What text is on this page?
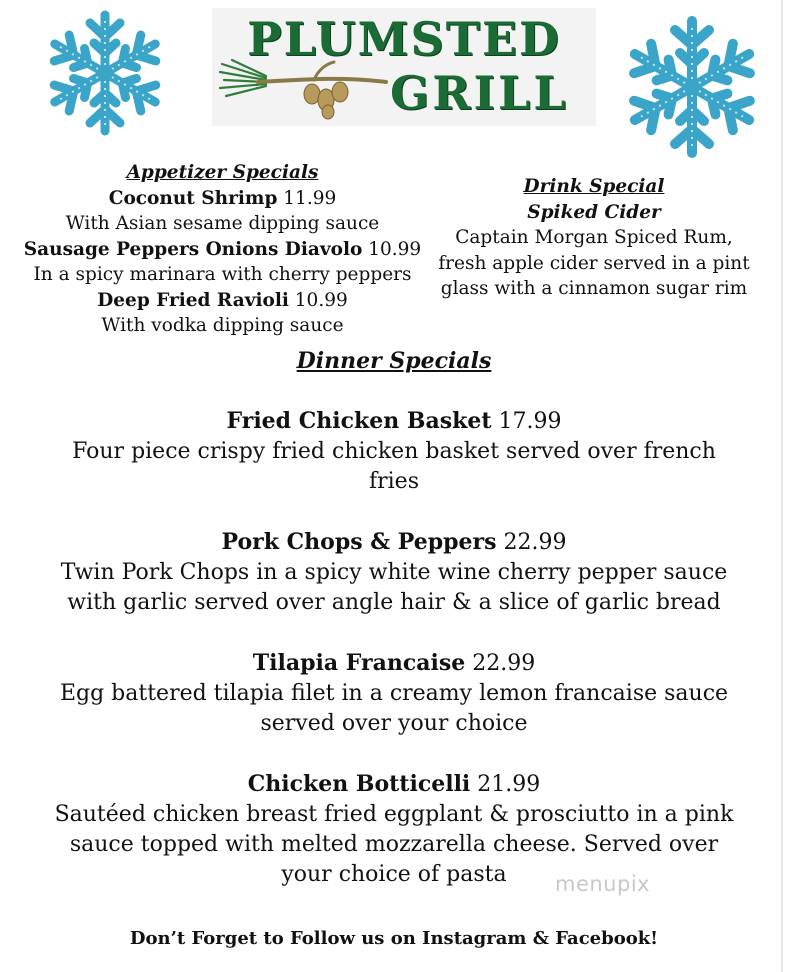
PLUMSTED
GRILL
Appetizer Specials
Coconut Shrimp 11.99
With Asian sesame dipping sauce
Sausage Peppers Onions Diavolo 10.99
In a spicy marinara with cherry peppers
Deep Fried Ravioli 10.99
With vodka dipping sauce
Drink Special
Spiked Cider
Captain Morgan Spiced Rum,
fresh apple cider served in a pint
glass with a cinnamon sugar rim
Dinner Specials
Fried Chicken Basket 17.99
Four piece crispy fried chicken basket served over french
fries
Pork Chops & Peppers 22.99
Twin Pork Chops in a spicy white wine cherry pepper sauce
with garlic served over angle hair & a slice of garlic bread
Tilapia Francaise 22.99
Egg battered tilapia filet in a creamy lemon francaise sauce
served over your choice
Chicken Botticelli 21.99
Sautéed chicken breast fried eggplant & prosciutto in a pink
sauce topped with melted mozzarella cheese. Served over
your choice of pasta	menupix
Don’t Forget to Follow us on Instagram & Facebook!
